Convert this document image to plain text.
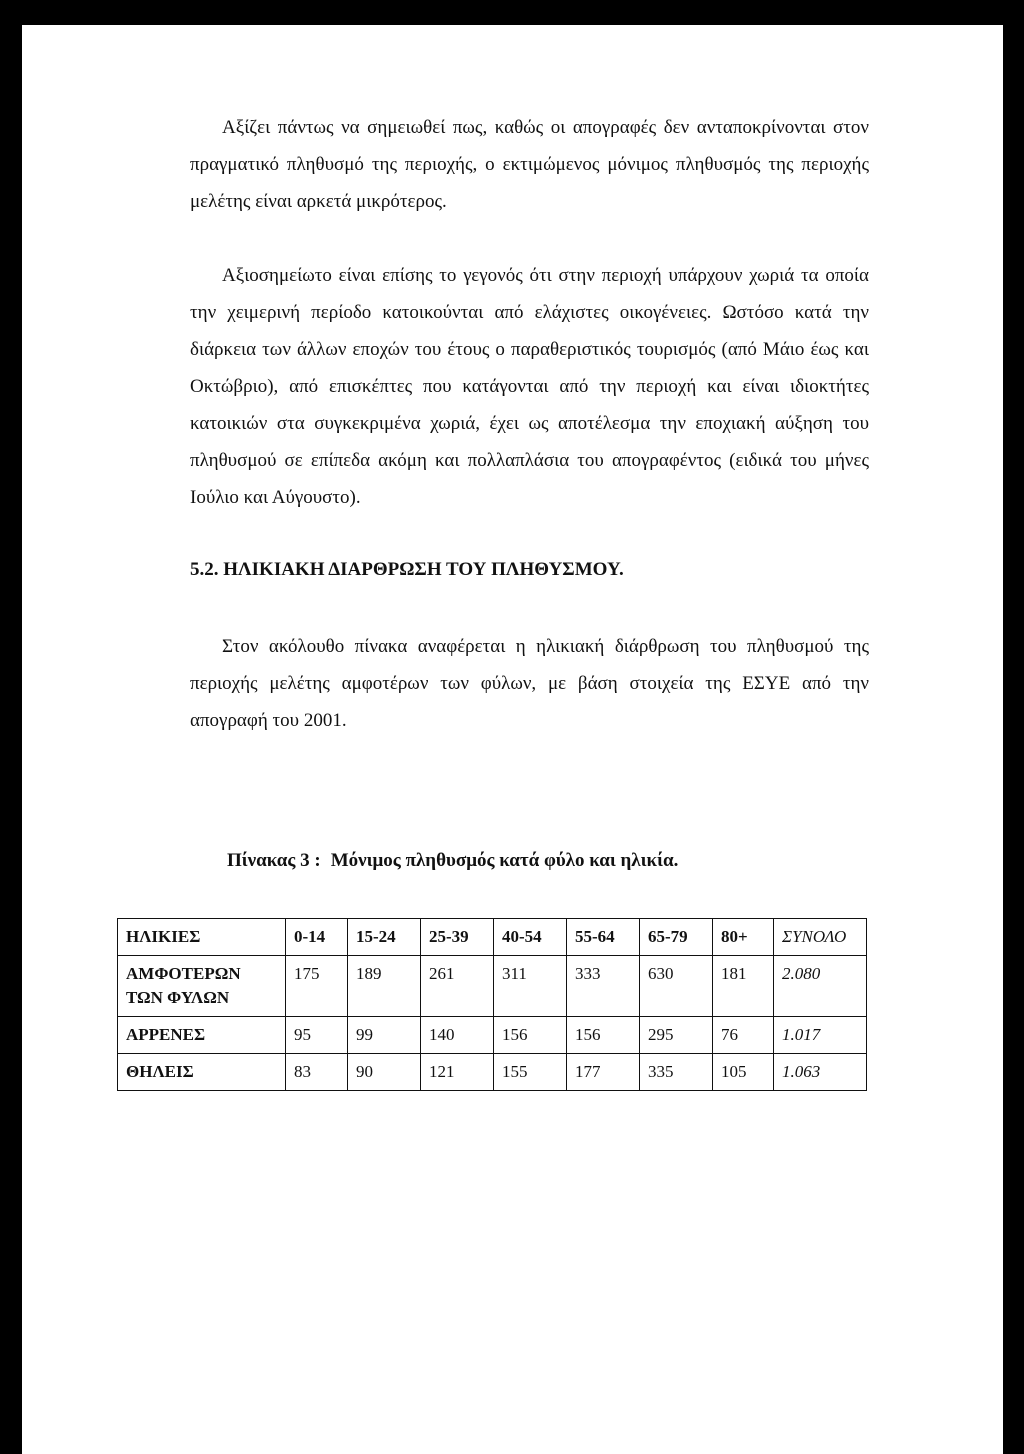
Αξίζει πάντως να σημειωθεί πως, καθώς οι απογραφές δεν ανταποκρίνονται στον πραγματικό πληθυσμό της περιοχής, ο εκτιμώμενος μόνιμος πληθυσμός της περιοχής μελέτης είναι αρκετά μικρότερος.

Αξιοσημείωτο είναι επίσης το γεγονός ότι στην περιοχή υπάρχουν χωριά τα οποία την χειμερινή περίοδο κατοικούνται από ελάχιστες οικογένειες. Ωστόσο κατά την διάρκεια των άλλων εποχών του έτους ο παραθεριστικός τουρισμός (από Μάιο έως και Οκτώβριο), από επισκέπτες που κατάγονται από την περιοχή και είναι ιδιοκτήτες κατοικιών στα συγκεκριμένα χωριά, έχει ως αποτέλεσμα την εποχιακή αύξηση του πληθυσμού σε επίπεδα ακόμη και πολλαπλάσια του απογραφέντος (ειδικά του μήνες Ιούλιο και Αύγουστο).

5.2. ΗΛΙΚΙΑΚΗ ΔΙΑΡΘΡΩΣΗ ΤΟΥ ΠΛΗΘΥΣΜΟΥ.

Στον ακόλουθο πίνακα αναφέρεται η ηλικιακή διάρθρωση του πληθυσμού της περιοχής μελέτης αμφοτέρων των φύλων, με βάση στοιχεία της ΕΣΥΕ από την απογραφή του 2001.

Πίνακας 3 : Μόνιμος πληθυσμός κατά φύλο και ηλικία.

ΗΛΙΚΙΕΣ	0-14	15-24	25-39	40-54	55-64	65-79	80+	ΣΥΝΟΛΟ
ΑΜΦΟΤΕΡΩΝ ΤΩΝ ΦΥΛΩΝ	175	189	261	311	333	630	181	2.080
ΑΡΡΕΝΕΣ	95	99	140	156	156	295	76	1.017
ΘΗΛΕΙΣ	83	90	121	155	177	335	105	1.063
